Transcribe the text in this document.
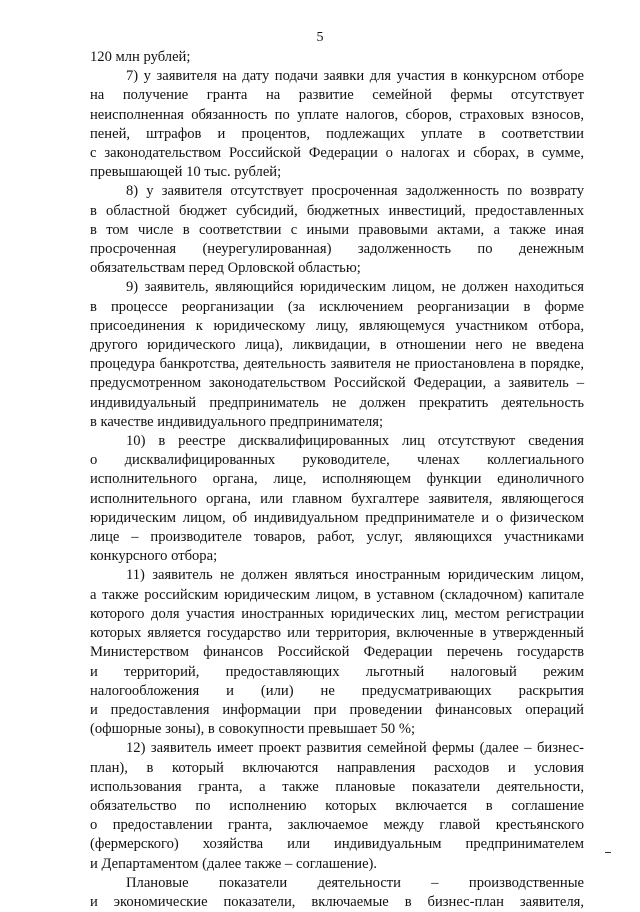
5

120 млн рублей;

7) у заявителя на дату подачи заявки для участия в конкурсном отборе

на получение гранта на развитие семейной фермы отсутствует

неисполненная обязанность по уплате налогов, сборов, страховых взносов,

пеней, штрафов и процентов, подлежащих уплате в соответствии

с законодательством Российской Федерации о налогах и сборах, в сумме,

превышающей 10 тыс. рублей;

8) у заявителя отсутствует просроченная задолженность по возврату

в областной бюджет субсидий, бюджетных инвестиций, предоставленных

в том числе в соответствии с иными правовыми актами, а также иная

просроченная (неурегулированная) задолженность по денежным

обязательствам перед Орловской областью;

9) заявитель, являющийся юридическим лицом, не должен находиться

в процессе реорганизации (за исключением реорганизации в форме

присоединения к юридическому лицу, являющемуся участником отбора,

другого юридического лица), ликвидации, в отношении него не введена

процедура банкротства, деятельность заявителя не приостановлена в порядке,

предусмотренном законодательством Российской Федерации, а заявитель –

индивидуальный предприниматель не должен прекратить деятельность

в качестве индивидуального предпринимателя;

10) в реестре дисквалифицированных лиц отсутствуют сведения

о дисквалифицированных руководителе, членах коллегиального

исполнительного органа, лице, исполняющем функции единоличного

исполнительного органа, или главном бухгалтере заявителя, являющегося

юридическим лицом, об индивидуальном предпринимателе и о физическом

лице – производителе товаров, работ, услуг, являющихся участниками

конкурсного отбора;

11) заявитель не должен являться иностранным юридическим лицом,

а также российским юридическим лицом, в уставном (складочном) капитале

которого доля участия иностранных юридических лиц, местом регистрации

которых является государство или территория, включенные в утвержденный

Министерством финансов Российской Федерации перечень государств

и территорий, предоставляющих льготный налоговый режим

налогообложения и (или) не предусматривающих раскрытия

и предоставления информации при проведении финансовых операций

(офшорные зоны), в совокупности превышает 50 %;

12) заявитель имеет проект развития семейной фермы (далее – бизнес-

план), в который включаются направления расходов и условия

использования гранта, а также плановые показатели деятельности,

обязательство по исполнению которых включается в соглашение

о предоставлении гранта, заключаемое между главой крестьянского

(фермерского) хозяйства или индивидуальным предпринимателем

и Департаментом (далее также – соглашение).

Плановые показатели деятельности – производственные

и экономические показатели, включаемые в бизнес-план заявителя,
